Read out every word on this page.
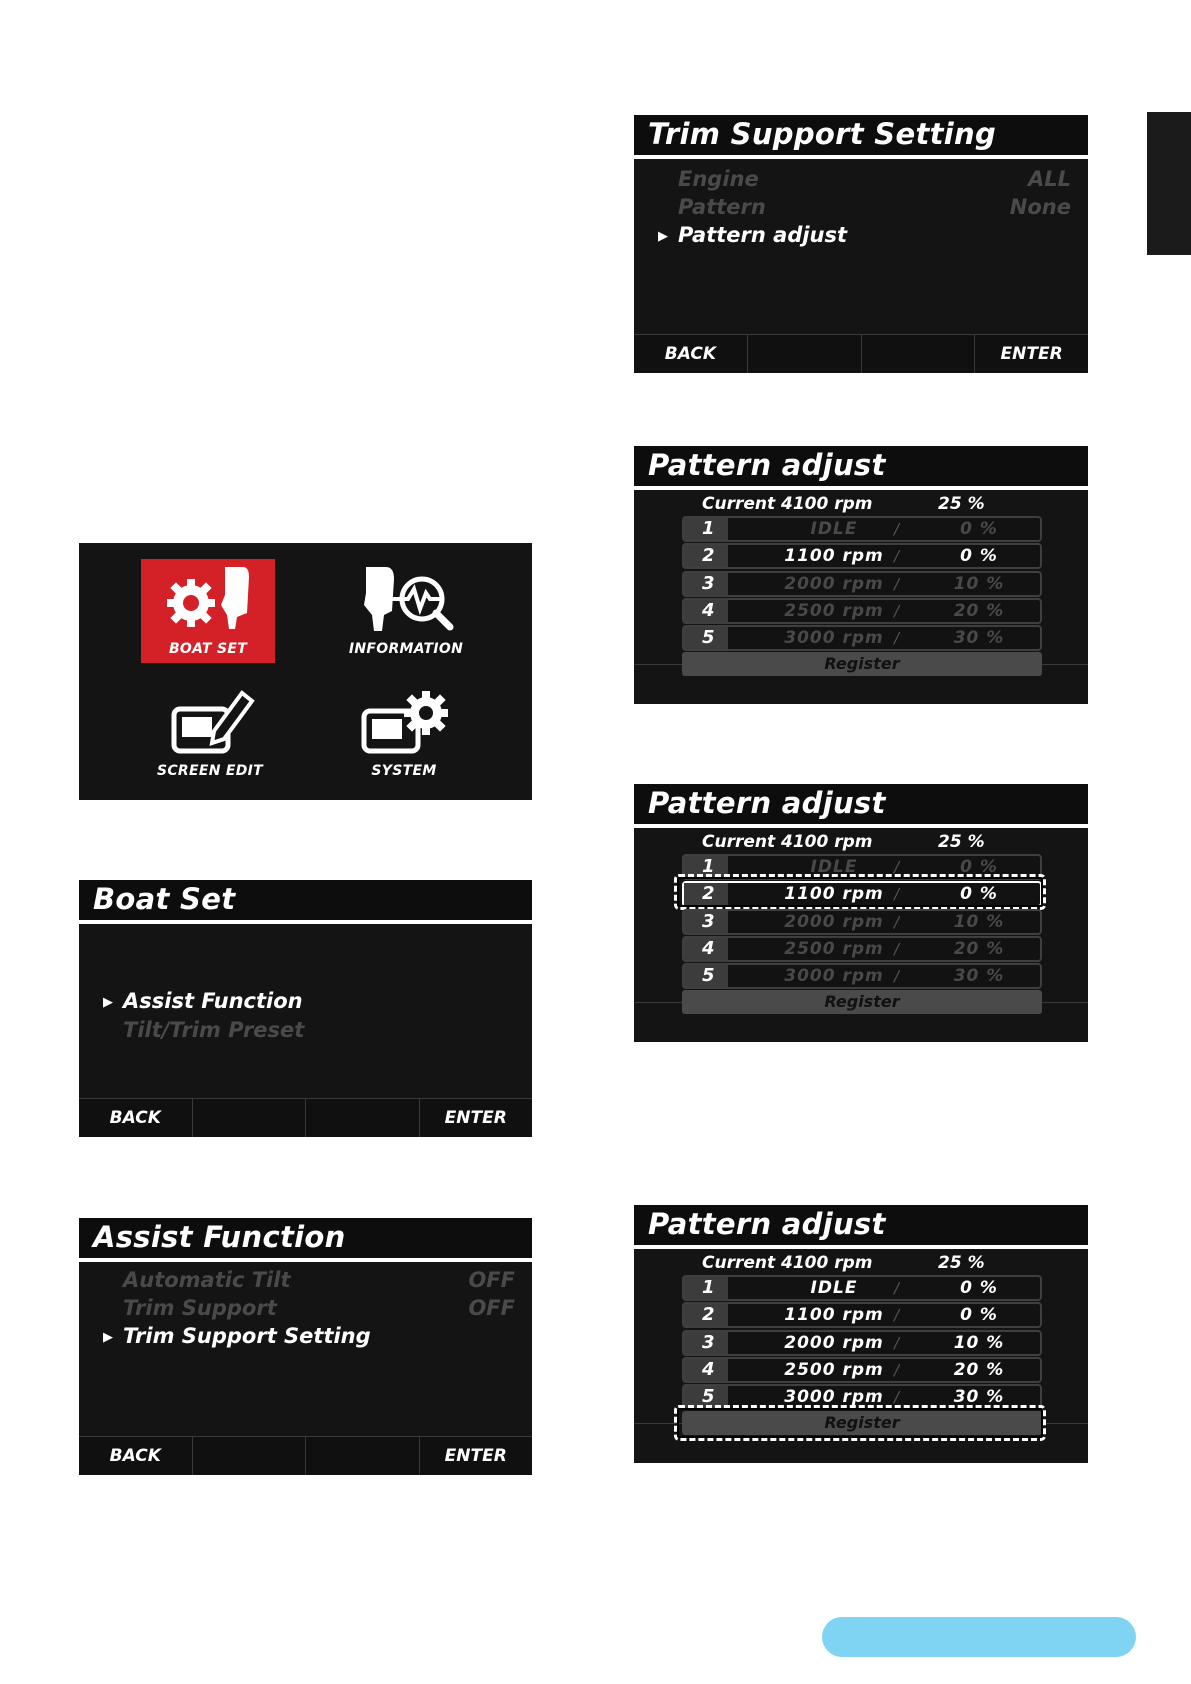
BOAT SET	INFORMATION
SCREEN EDIT	SYSTEM
Boat Set
▶ Assist Function
Tilt/Trim Preset
BACK	ENTER
Assist Function
Automatic Tilt	OFF
Trim Support	OFF
▶ Trim Support Setting
BACK	ENTER
Trim Support Setting
Engine	ALL
Pattern	None
▶ Pattern adjust
BACK	ENTER
Pattern adjust
Current 4100 rpm	25 %
1	IDLE	/	0 %
2	1100 rpm /	0 %
3	2000 rpm /	10 %
4	2500 rpm /	20 %
5	3000 rpm /	30 %
Register
Pattern adjust
Current 4100 rpm	25 %
1	IDLE	/	0 %
2	1100 rpm /	0 %
3	2000 rpm /	10 %
4	2500 rpm /	20 %
5	3000 rpm /	30 %
Register
Pattern adjust
Current 4100 rpm	25 %
1	IDLE	/	0 %
2	1100 rpm /	0 %
3	2000 rpm /	10 %
4	2500 rpm /	20 %
5	3000 rpm /	30 %
Register
